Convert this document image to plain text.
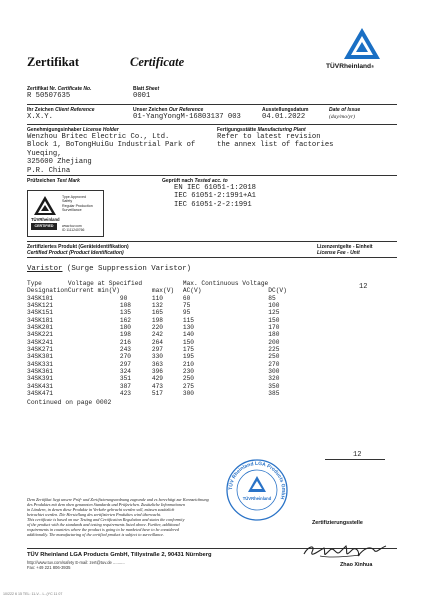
Zertifikat	Certificate	TÜVRheinland®
Zertifikat Nr. Certificate No.
R 50507635
Blatt Sheet
0001
Ihr Zeichen Client Reference
X.X.Y.
Unser Zeichen Our Reference
01-YangYongM-16803137 003
Ausstellungsdatum	Date of Issue
04.01.2022	(day/mo/yr)
Genehmigungsinhaber License Holder
Wenzhou Britec Electric Co., Ltd.
Block 1, BoTongHuiGu Industrial Park of
Yueqing,
325600 Zhejiang
P.R. China
Fertigungsstätte Manufacturing Plant
Refer to latest revision
the annex list of factories
Prüfzeichen Test Mark
TÜVRheinland
CERTIFIED
Type Approved
Safety
Regular Production
Surveillance
www.tuv.com
ID 1111240766
Geprüft nach Tested acc. to
EN IEC 61051-1:2018
IEC 61051-2:1991+A1
IEC 61051-2-2:1991
Zertifiziertes Produkt (Geräteidentifikation)
Certified Product (Product Identification)
Lizenzentgelte - Einheit
License Fee - Unit
Varistor (Surge Suppression Varistor)
Type	Voltage at Specified		Max. Continuous Voltage	
Designation	Current min(V)	max(V)	AC(V)	DC(V)
34SK101	90	110	60	85
34SK121	108	132	75	100
34SK151	135	165	95	125
34SK181	162	198	115	150
34SK201	180	220	130	170
34SK221	198	242	140	180
34SK241	216	264	150	200
34SK271	243	297	175	225
34SK301	270	330	195	250
34SK331	297	363	210	270
34SK361	324	396	230	300
34SK391	351	429	250	320
34SK431	387	473	275	350
34SK471	423	517	300	385
Continued on page 0002
12
12
TÜV Rheinland LGA Products GmbH
TÜVRheinland
Dem Zertifikat liegt unsere Prüf- und Zertifizierungsordnung zugrunde und es berechtigt zur Kennzeichnung
des Produktes mit dem oben genannten Standards und Prüfzeichen. Zusätzliche Informationen
in Ländern, in denen diese Produkte in Verkehr gebracht werden soll, müssen zusätzlich
betrachtet werden. Die Herstellung des zertifizierten Produktes wird überwacht.
This certificate is based on our Testing and Certification Regulation and states the conformity
of the product with the standards and testing requirements listed above. Further, additional
requirements in countries where the product is going to be marketed have to be considered
additionally. The manufacturing of the certified product is subject to surveillance.
Zertifizierungsstelle
TÜV Rheinland LGA Products GmbH, Tillystraße 2, 90431 Nürnberg
http://www.tuv.com/safety E-mail: zert@tuv.de ..........
Fax: +49 221 806-3935	Zhao Xinhua
10/222 6 15 TEL: 11-V... L..(YC 11 07
